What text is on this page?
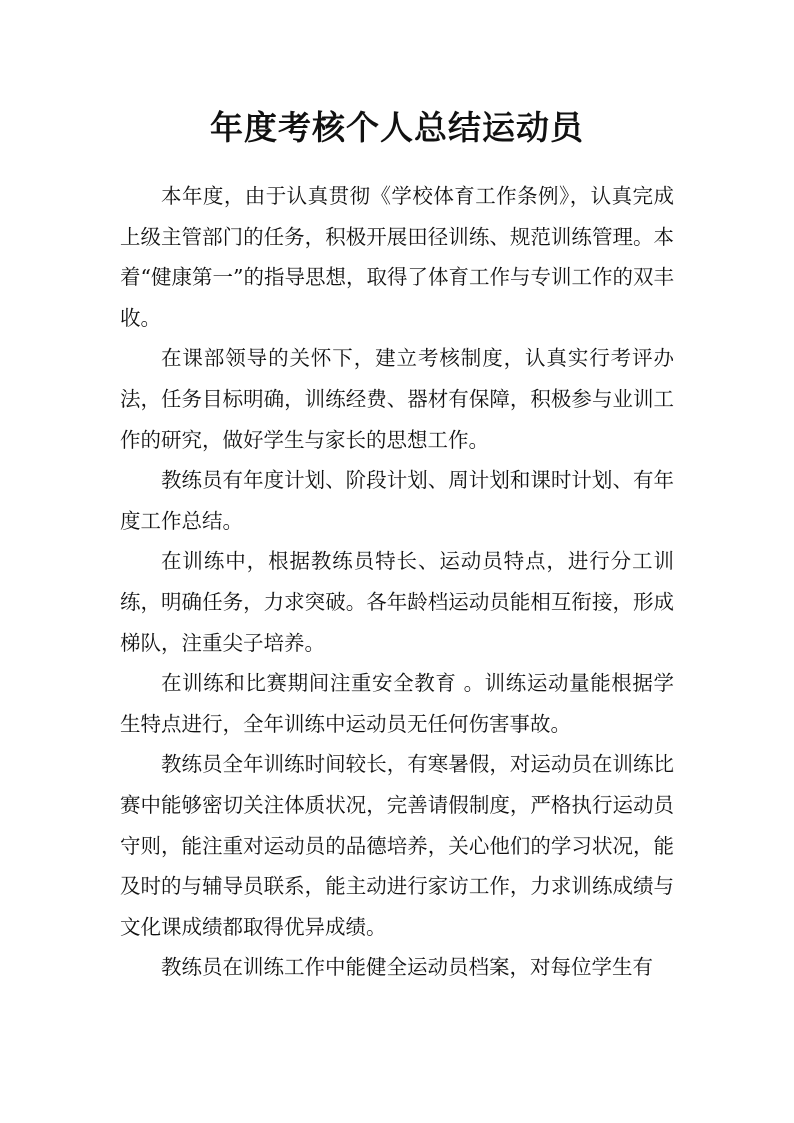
年度考核个人总结运动员

本年度，由于认真贯彻《学校体育工作条例》，认真完成上级主管部门的任务，积极开展田径训练、规范训练管理。本着“健康第一”的指导思想，取得了体育工作与专训工作的双丰收。

在课部领导的关怀下，建立考核制度，认真实行考评办法，任务目标明确，训练经费、器材有保障，积极参与业训工作的研究，做好学生与家长的思想工作。

教练员有年度计划、阶段计划、周计划和课时计划、有年度工作总结。

在训练中，根据教练员特长、运动员特点，进行分工训练，明确任务，力求突破。各年龄档运动员能相互衔接，形成梯队，注重尖子培养。

在训练和比赛期间注重安全教育 。训练运动量能根据学生特点进行，全年训练中运动员无任何伤害事故。

教练员全年训练时间较长，有寒暑假，对运动员在训练比赛中能够密切关注体质状况，完善请假制度，严格执行运动员守则，能注重对运动员的品德培养，关心他们的学习状况，能及时的与辅导员联系，能主动进行家访工作，力求训练成绩与文化课成绩都取得优异成绩。

教练员在训练工作中能健全运动员档案，对每位学生有
